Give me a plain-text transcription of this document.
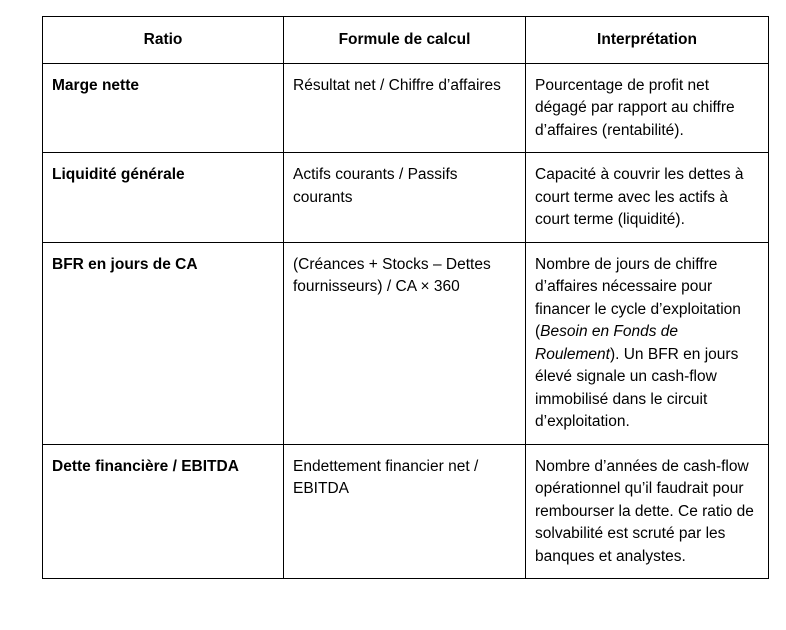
Ratio	Formule de calcul	Interprétation
Marge nette	Résultat net / Chiffre d’affaires	Pourcentage de profit net dégagé par rapport au chiffre d’affaires (rentabilité).
Liquidité générale	Actifs courants / Passifs courants	Capacité à couvrir les dettes à court terme avec les actifs à court terme (liquidité).
BFR en jours de CA	(Créances + Stocks – Dettes fournisseurs) / CA × 360	Nombre de jours de chiffre d’affaires nécessaire pour financer le cycle d’exploitation (Besoin en Fonds de Roulement). Un BFR en jours élevé signale un cash-flow immobilisé dans le circuit d’exploitation.
Dette financière / EBITDA	Endettement financier net / EBITDA	Nombre d’années de cash-flow opérationnel qu’il faudrait pour rembourser la dette. Ce ratio de solvabilité est scruté par les banques et analystes.
